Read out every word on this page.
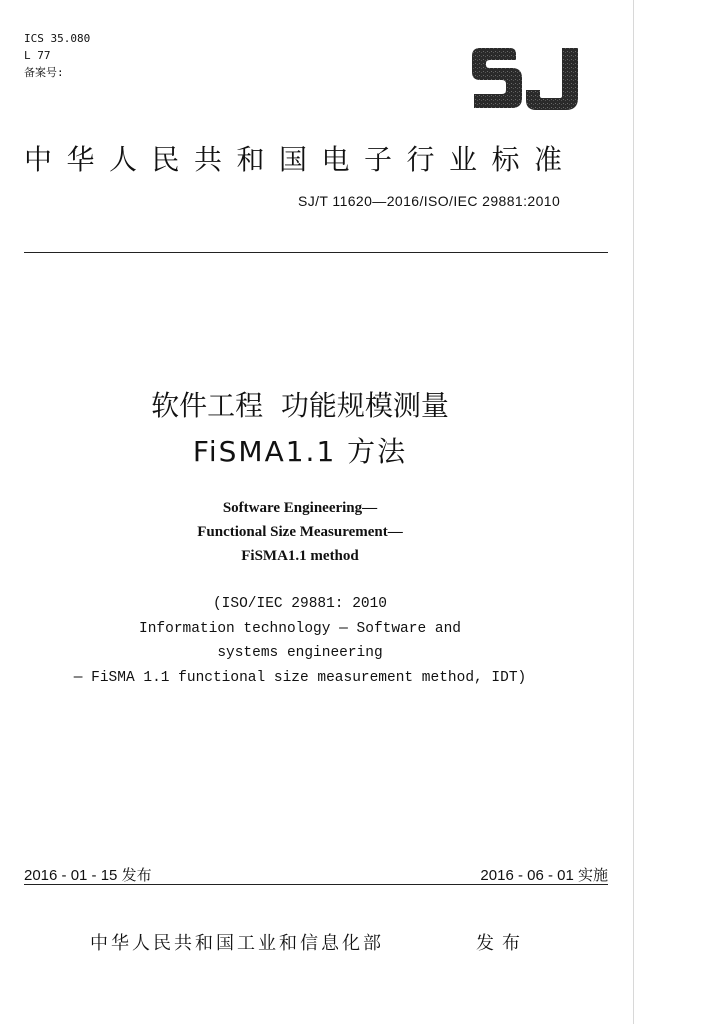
ICS 35.080
L 77
备案号:
中华人民共和国电子行业标准
SJ/T 11620—2016/ISO/IEC 29881:2010
软件工程  功能规模测量
FiSMA1.1 方法
Software Engineering—
Functional Size Measurement—
FiSMA1.1 method
(ISO/IEC 29881: 2010
Information technology — Software and
systems engineering
— FiSMA 1.1 functional size measurement method, IDT)
2016 - 01 - 15 发布	2016 - 06 - 01 实施
中华人民共和国工业和信息化部	发布
